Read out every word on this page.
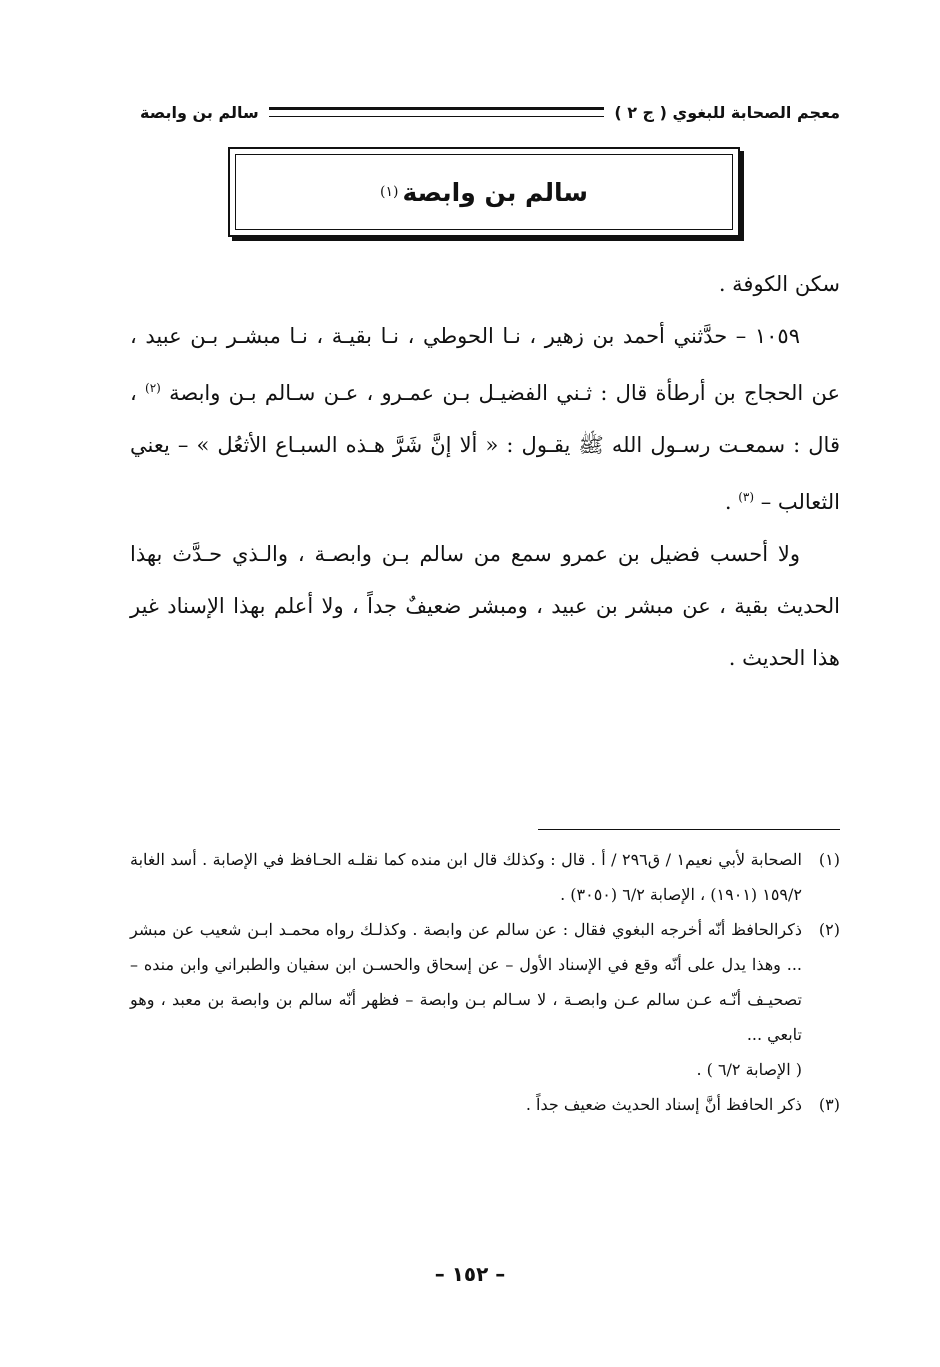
معجم الصحابة للبغوي ( ج ٢ )
سالم بن وابصة
سالم بن وابصة
(١)

سكن الكوفة .

١٠٥٩ – حدَّثني أحمد بن زهير ، نـا الحوطي ، نـا بقيـة ، نـا مبشـر بـن عبيد ، عن الحجاج بن أرطأة قال : ثـني الفضيـل بـن عمـرو ، عـن سـالم بـن وابصة $^{(٢)}$ ، قال : سمعـت رسـول الله ﷺ يقـول : « ألا إنَّ شَرَّ هـذه السبـاع الأثعُل » – يعني الثعالب – $^{(٣)}$ .

ولا أحسب فضيل بن عمرو سمع من سالم بـن وابصـة ، والـذي حـدَّث بهذا الحديث بقية ، عن مبشر بن عبيد ، ومبشر ضعيفٌ جداً ، ولا أعلم بهذا الإسناد غير هذا الحديث .

(١)
الصحابة لأبي نعيم١ / ق٢٩٦ / أ . قال : وكذلك قال ابن منده كما نقلـه الحـافظ في الإصابة . أسد الغابة ١٥٩/٢ (١٩٠١) ، الإصابة ٦/٢ (٣٠٥٠) .
(٢)
ذكرالحافظ أنّه أخرجه البغوي فقال : عن سالم عن وابصة . وكذلـك رواه محمـد ابـن شعيب عن مبشر ... وهذا يدل على أنّه وقع في الإسناد الأول – عن إسحاق والحسـن ابن سفيان والطبراني وابن منده – تصحيـف أنّـه عـن سالم عـن وابصـة ، لا سـالم بـن وابصة – فظهر أنّه سالم بن وابصة بن معبد ، وهو تابعي ...
( الإصابة ٦/٢ ) .
(٣)
ذكر الحافظ أنَّ إسناد الحديث ضعيف جداً .
– ١٥٢ –
